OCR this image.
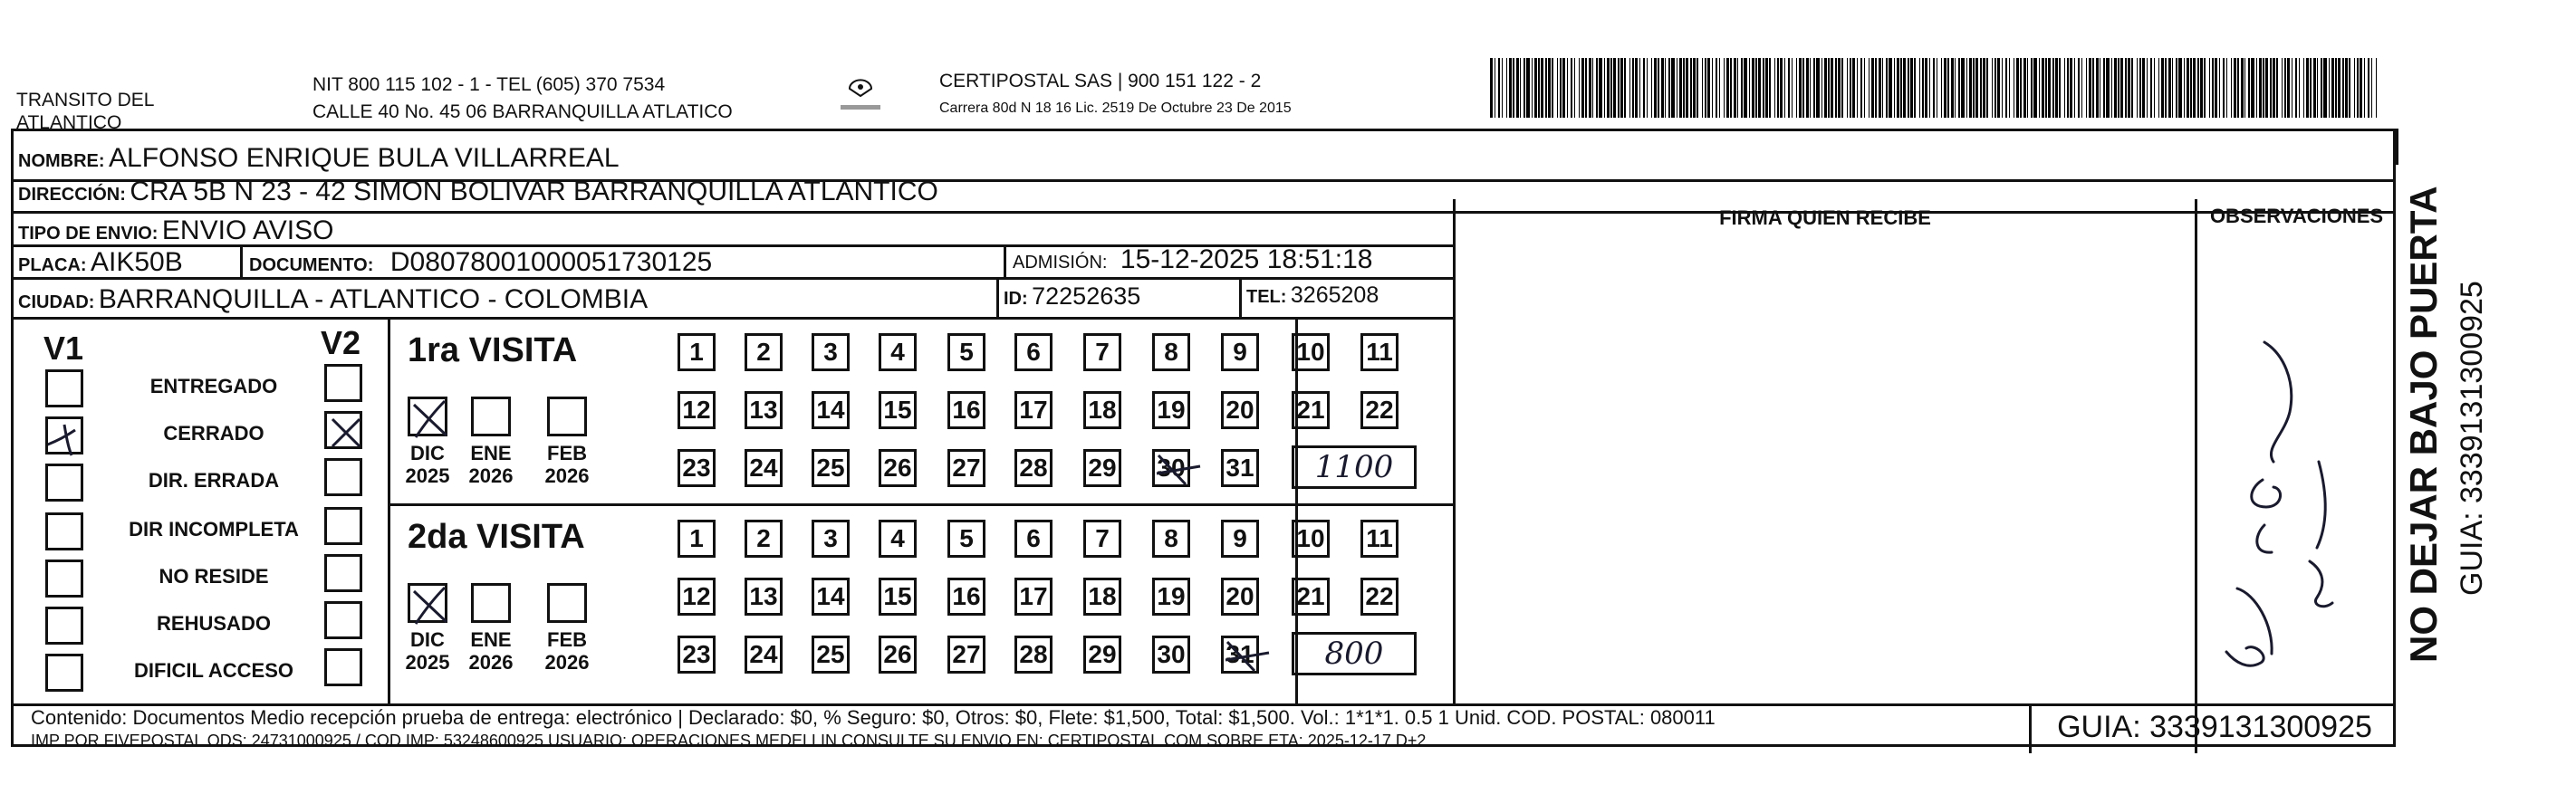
TRANSITO DEL ATLANTICO
NIT 800 115 102 - 1 - TEL (605) 370 7534
CALLE 40 No. 45 06 BARRANQUILLA ATLATICO
CERTIPOSTAL SAS | 900 151 122 - 2
Carrera 80d N 18 16 Lic. 2519 De Octubre 23 De 2015
NOMBRE: ALFONSO ENRIQUE BULA VILLARREAL
DIRECCIÓN: CRA 5B N 23 - 42 SIMON BOLIVAR BARRANQUILLA ATLANTICO
TIPO DE ENVIO: ENVIO AVISO	FIRMA QUIEN RECIBE	OBSERVACIONES
PLACA: AIK50B	DOCUMENTO: D08078001000051730125	ADMISIÓN: 15-12-2025 18:51:18
CIUDAD: BARRANQUILLA - ATLANTICO - COLOMBIA	ID: 72252635	TEL: 3265208
V1	V2
ENTREGADO
CERRADO
DIR. ERRADA
DIR INCOMPLETA
NO RESIDE
REHUSADO
DIFICIL ACCESO
1ra VISITA
DIC
2025
ENE
2026
FEB
2026
1 2 3 4 5 6 7 8 9 10 11
12 13 14 15 16 17 18 19 20 21 22
23 24 25 26 27 28 29 30 31	1100
2da VISITA
DIC
2025
ENE
2026
FEB
2026
1 2 3 4 5 6 7 8 9 10 11
12 13 14 15 16 17 18 19 20 21 22
23 24 25 26 27 28 29 30 31	800	NO DEJAR BAJO PUERTA GUIA: 3339131300925
Contenido: Documentos Medio recepción prueba de entrega: electrónico | Declarado: $0, % Seguro: $0, Otros: $0, Flete: $1,500, Total: $1,500. Vol.: 1*1*1. 0.5 1 Unid. COD. POSTAL: 080011
IMP POR FIVEPOSTAL ODS: 24731000925 / COD.IMP: 53248600925 USUARIO: OPERACIONES MEDELLIN CONSULTE SU ENVIO EN: CERTIPOSTAL.COM SOBRE ETA: 2025-12-17 D+2	GUIA: 3339131300925
